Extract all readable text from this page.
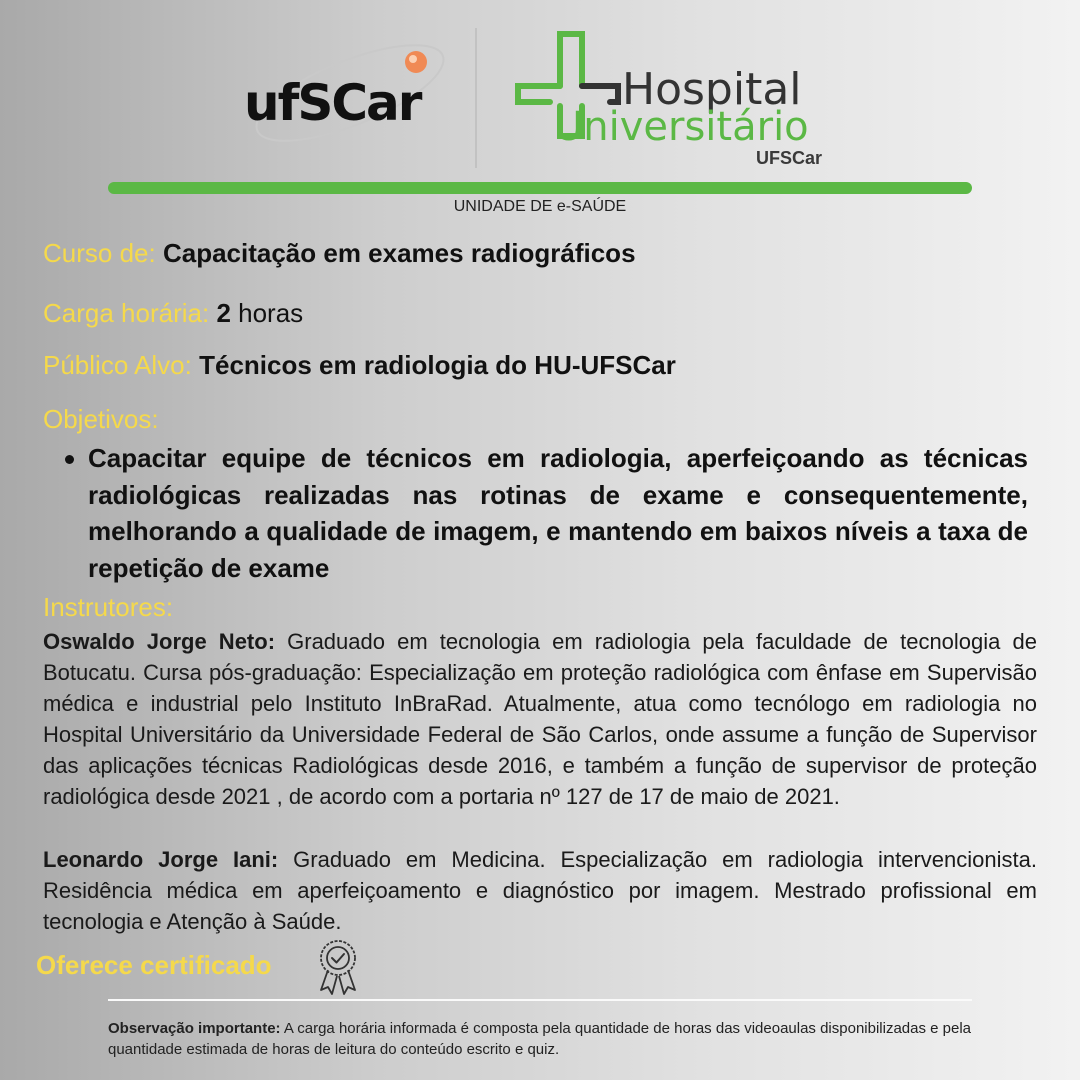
ufSCar	Hospital
Universitário
UFSCar
UNIDADE DE e-SAÚDE
Curso de: Capacitação em exames radiográficos
Carga horária: 2 horas
Público Alvo: Técnicos em radiologia do HU-UFSCar
Objetivos:

Capacitar equipe de técnicos em radiologia, aperfeiçoando as técnicas radiológicas realizadas nas rotinas de exame e consequentemente, melhorando a qualidade de imagem, e mantendo em baixos níveis a taxa de repetição de exame

Instrutores:

Oswaldo Jorge Neto: Graduado em tecnologia em radiologia pela faculdade de tecnologia de Botucatu. Cursa pós-graduação: Especialização em proteção radiológica com ênfase em Supervisão médica e industrial pelo Instituto InBraRad. Atualmente, atua como tecnólogo em radiologia no Hospital Universitário da Universidade Federal de São Carlos, onde assume a função de Supervisor das aplicações técnicas Radiológicas desde 2016, e também a função de supervisor de proteção radiológica desde 2021 , de acordo com a portaria nº 127 de 17 de maio de 2021.

Leonardo Jorge Iani: Graduado em Medicina. Especialização em radiologia intervencionista. Residência médica em aperfeiçoamento e diagnóstico por imagem. Mestrado profissional em tecnologia e Atenção à Saúde.

Oferece certificado

Observação importante: A carga horária informada é composta pela quantidade de horas das videoaulas disponibilizadas e pela quantidade estimada de horas de leitura do conteúdo escrito e quiz.
